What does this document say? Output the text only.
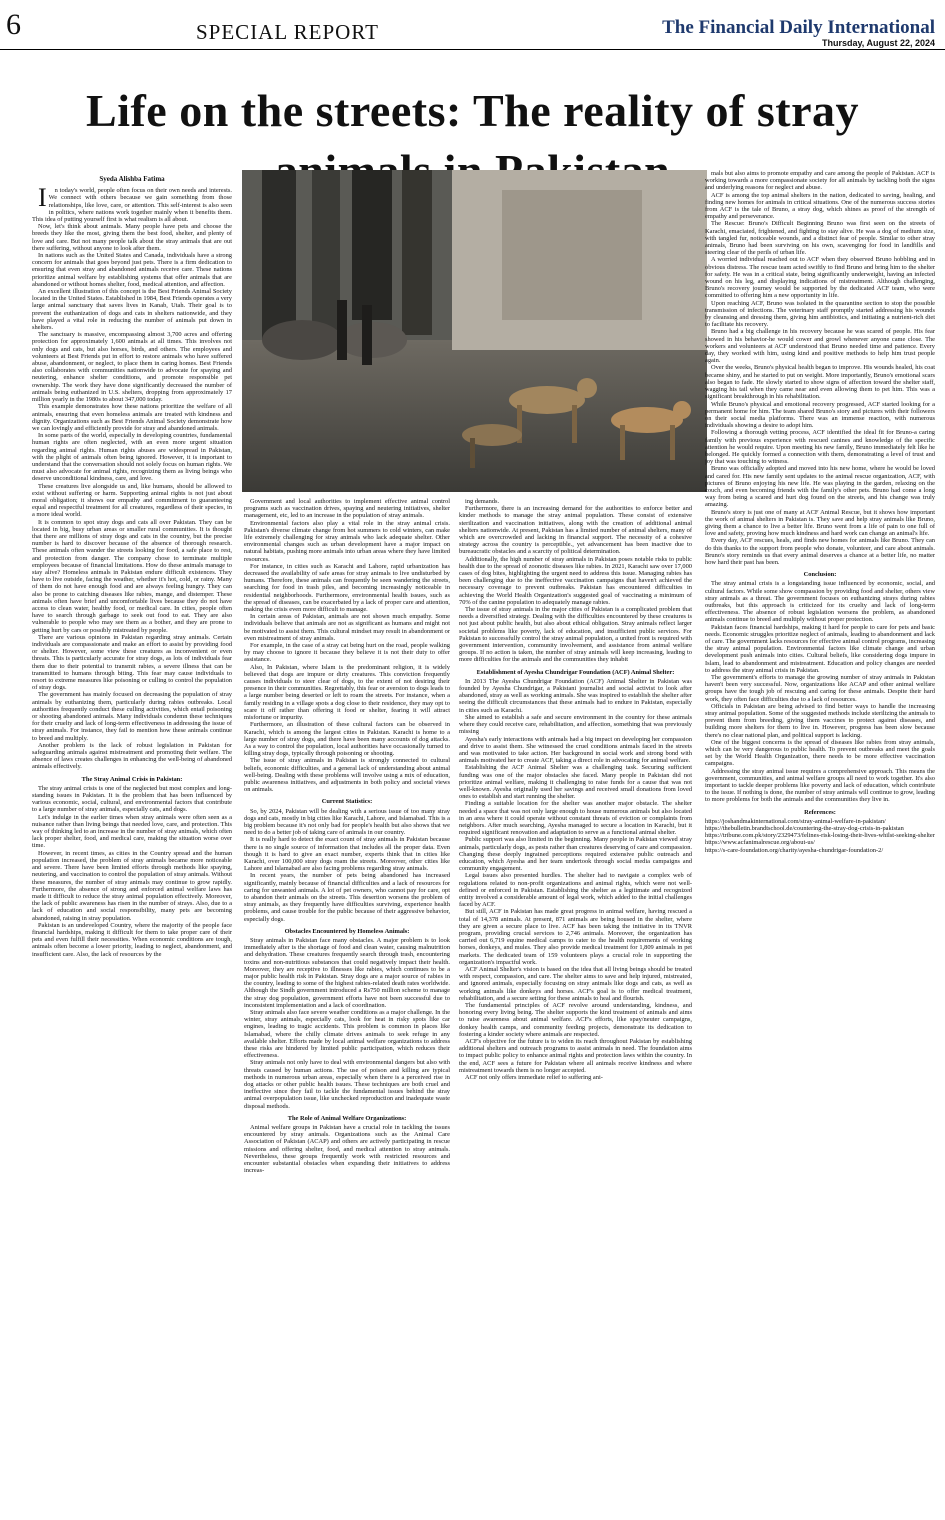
6	SPECIAL REPORT	The Financial Daily International
Thursday, August 22, 2024
Life on the streets: The reality of stray

Syeda Alishba Fatima

I n today's world, people often focus on their own needs and interests. We connect with others because we gain something from those relationships, like love, care, or attention. This self-interest is also seen in politics, where nations work together mainly when it benefits them. This idea of putting yourself first is what realism is all about.

Now, let's think about animals. Many people have pets and choose the breeds they like the most, giving them the best food, shelter, and plenty of love and care. But not many people talk about the stray animals that are out there suffering, without anyone to look after them.

In nations such as the United States and Canada, individuals have a strong concern for animals that goes beyond just pets. There is a firm dedication to ensuring that even stray and abandoned animals receive care. These nations prioritize animal welfare by establishing systems that offer animals that are abandoned or without homes shelter, food, medical attention, and affection.

An excellent illustration of this concept is the Best Friends Animal Society located in the United States. Established in 1984, Best Friends operates a very large animal sanctuary that saves lives in Kanab, Utah. Their goal is to prevent the euthanization of dogs and cats in shelters nationwide, and they have played a vital role in reducing the number of animals put down in shelters.

The sanctuary is massive, encompassing almost 3,700 acres and offering protection for approximately 1,600 animals at all times. This involves not only dogs and cats, but also horses, birds, and others. The employees and volunteers at Best Friends put in effort to restore animals who have suffered abuse, abandonment, or neglect, to place them in caring homes. Best Friends also collaborates with communities nationwide to advocate for spaying and neutering, enhance shelter conditions, and promote responsible pet ownership. The work they have done significantly decreased the number of animals being euthanized in U.S. shelters, dropping from approximately 17 million yearly in the 1980s to about 347,000 today.

This example demonstrates how these nations prioritize the welfare of all animals, ensuring that even homeless animals are treated with kindness and dignity. Organizations such as Best Friends Animal Society demonstrate how we can lovingly and efficiently provide for stray and abandoned animals.

In some parts of the world, especially in developing countries, fundamental human rights are often neglected, with an even more urgent situation regarding animal rights. Human rights abuses are widespread in Pakistan, with the plight of animals often being ignored. However, it is important to understand that the conversation should not solely focus on human rights. We must also advocate for animal rights, recognizing them as living beings who deserve unconditional kindness, care, and love.

These creatures live alongside us and, like humans, should be allowed to exist without suffering or harm. Supporting animal rights is not just about moral obligation; it shows our empathy and commitment to guaranteeing equal and respectful treatment for all creatures, regardless of their species, in a more ideal world.

It is common to spot stray dogs and cats all over Pakistan. They can be located in big, busy urban areas or smaller rural communities. It is thought that there are millions of stray dogs and cats in the country, but the precise number is hard to discover because of the absence of thorough research. These animals often wander the streets looking for food, a safe place to rest, and protection from danger. The company chose to terminate multiple employees because of financial limitations. How do these animals manage to stay alive? Homeless animals in Pakistan endure difficult existences. They have to live outside, facing the weather, whether it's hot, cold, or rainy. Many of them do not have enough food and are always feeling hungry. They can also be prone to catching diseases like rabies, mange, and distemper. These animals often have brief and uncomfortable lives because they do not have access to clean water, healthy food, or medical care. In cities, people often have to search through garbage to seek out food to eat. They are also vulnerable to people who may see them as a bother, and they are prone to getting hurt by cars or possibly mistreated by people.

There are various opinions in Pakistan regarding stray animals. Certain individuals are compassionate and make an effort to assist by providing food or shelter. However, some view these creatures as inconvenient or even threats. This is particularly accurate for stray dogs, as lots of individuals fear them due to their potential to transmit rabies, a severe illness that can be transmitted to humans through biting. This fear may cause individuals to resort to extreme measures like poisoning or culling to control the population of stray dogs.

The government has mainly focused on decreasing the population of stray animals by euthanizing them, particularly during rabies outbreaks. Local authorities frequently conduct these culling activities, which entail poisoning or shooting abandoned animals. Many individuals condemn these techniques for their cruelty and lack of long-term effectiveness in addressing the issue of stray animals. For instance, they fail to mention how these animals continue to breed and multiply.

Another problem is the lack of robust legislation in Pakistan for safeguarding animals against mistreatment and promoting their welfare. The absence of laws creates challenges in enhancing the well-being of abandoned animals effectively.

The Stray Animal Crisis in Pakistan:

The stray animal crisis is one of the neglected but most complex and long-standing issues in Pakistan. It is the problem that has been influenced by various economic, social, cultural, and environmental factors that contribute to a large number of stray animals, especially cats, and dogs.

Let's indulge in the earlier times when stray animals were often seen as a nuisance rather than living beings that needed love, care, and protection. This way of thinking led to an increase in the number of stray animals, which often lack proper shelter, food, and medical care, making the situation worse over time.

However, in recent times, as cities in the Country spread and the human population increased, the problem of stray animals became more noticeable and severe. There have been limited efforts through methods like spaying, neutering, and vaccination to control the population of stray animals. Without these measures, the number of stray animals may continue to grow rapidly. Furthermore, the absence of strong and enforced animal welfare laws has made it difficult to reduce the stray animal population effectively. Moreover, the lack of public awareness has risen in the number of strays. Also, due to a lack of education and social responsibility, many pets are becoming abandoned, raising in stray population.

Pakistan is an undeveloped Country, where the majority of the people face financial hardships, making it difficult for them to take proper care of their pets and even fulfill their necessities. When economic conditions are tough, animals often become a lower priority, leading to neglect, abandonment, and insufficient care. Also, the lack of resources by the

Government and local authorities to implement effective animal control programs such as vaccination drives, spaying and neutering initiatives, shelter management, etc, led to an increase in the population of stray animals.

Environmental factors also play a vital role in the stray animal crisis. Pakistan's diverse climate change from hot summers to cold winters, can make life extremely challenging for stray animals who lack adequate shelter. Other environmental changes such as urban development have a major impact on natural habitats, pushing more animals into urban areas where they have limited resources.

For instance, in cities such as Karachi and Lahore, rapid urbanization has decreased the availability of safe areas for stray animals to live undisturbed by humans. Therefore, these animals can frequently be seen wandering the streets, searching for food in trash piles, and becoming increasingly noticeable in residential neighborhoods. Furthermore, environmental health issues, such as the spread of diseases, can be exacerbated by a lack of proper care and attention, making the crisis even more difficult to manage.

In certain areas of Pakistan, animals are not shown much empathy. Some individuals believe that animals are not as significant as humans and might not be motivated to assist them. This cultural mindset may result in abandonment or even mistreatment of stray animals.

For example, in the case of a stray cat being hurt on the road, people walking by may choose to ignore it because they believe it is not their duty to offer assistance.

Also, In Pakistan, where Islam is the predominant religion, it is widely believed that dogs are impure or dirty creatures. This conviction frequently causes individuals to steer clear of dogs, to the extent of not desiring their presence in their communities. Regrettably, this fear or aversion to dogs leads to a large number being deserted or left to roam the streets. For instance, when a family residing in a village spots a dog close to their residence, they may opt to scare it off rather than offering it food or shelter, fearing it will attract misfortune or impurity.

Furthermore, an illustration of these cultural factors can be observed in Karachi, which is among the largest cities in Pakistan. Karachi is home to a large number of stray dogs, and there have been many accounts of dog attacks. As a way to control the population, local authorities have occasionally turned to killing stray dogs, typically through poisoning or shooting.

The issue of stray animals in Pakistan is strongly connected to cultural beliefs, economic difficulties, and a general lack of understanding about animal well-being. Dealing with these problems will involve using a mix of education, public awareness initiatives, and adjustments in both policy and societal views on animals.

Current Statistics:

So, by 2024, Pakistan will be dealing with a serious issue of too many stray dogs and cats, mostly in big cities like Karachi, Lahore, and Islamabad. This is a big problem because it's not only bad for people's health but also shows that we need to do a better job of taking care of animals in our country.

It is really hard to detect the exact count of stray animals in Pakistan because there is no single source of information that includes all the proper data. Even though it is hard to give an exact number, experts think that in cities like Karachi, over 100,000 stray dogs roam the streets. Moreover, other cities like Lahore and Islamabad are also facing problems regarding stray animals.

In recent years, the number of pets being abandoned has increased significantly, mainly because of financial difficulties and a lack of resources for caring for unwanted animals. A lot of pet owners, who cannot pay for care, opt to abandon their animals on the streets. This desertion worsens the problem of stray animals, as they frequently have difficulties surviving, experience health problems, and cause trouble for the public because of their aggressive behavior, especially dogs.

Obstacles Encountered by Homeless Animals:

Stray animals in Pakistan face many obstacles. A major problem is to look immediately after is the shortage of food and clean water, causing malnutrition and dehydration. These creatures frequently search through trash, encountering toxins and non-nutritious substances that could negatively impact their health. Moreover, they are receptive to illnesses like rabies, which continues to be a major public health risk in Pakistan. Stray dogs are a major source of rabies in the country, leading to some of the highest rabies-related death rates worldwide. Although the Sindh government introduced a Rs750 million scheme to manage the stray dog population, government efforts have not been successful due to inconsistent implementation and a lack of coordination.

Stray animals also face severe weather conditions as a major challenge. In the winter, stray animals, especially cats, look for heat in risky spots like car engines, leading to tragic accidents. This problem is common in places like Islamabad, where the chilly climate drives animals to seek refuge in any available shelter. Efforts made by local animal welfare organizations to address these risks are hindered by limited public participation, which reduces their effectiveness.

Stray animals not only have to deal with environmental dangers but also with threats caused by human actions. The use of poison and killing are typical methods in numerous urban areas, especially when there is a perceived rise in dog attacks or other public health issues. These techniques are both cruel and ineffective since they fail to tackle the fundamental issues behind the stray animal overpopulation issue, like unchecked reproduction and inadequate waste disposal methods.

The Role of Animal Welfare Organizations:

Animal welfare groups in Pakistan have a crucial role in tackling the issues encountered by stray animals. Organizations such as the Animal Care Association of Pakistan (ACAP) and others are actively participating in rescue missions and offering shelter, food, and medical attention to stray animals. Nevertheless, these groups frequently work with restricted resources and encounter substantial obstacles when expanding their initiatives to address increas-

ing demands.

Furthermore, there is an increasing demand for the authorities to enforce better and kinder methods to manage the stray animal population. These consist of extensive sterilization and vaccination initiatives, along with the creation of additional animal shelters nationwide. At present, Pakistan has a limited number of animal shelters, many of which are overcrowded and lacking in financial support. The necessity of a cohesive strategy across the country is perceptible., yet advancement has been inactive due to bureaucratic obstacles and a scarcity of political determination.

Additionally, the high number of stray animals in Pakistan poses notable risks to public health due to the spread of zoonotic diseases like rabies. In 2021, Karachi saw over 17,000 cases of dog bites, highlighting the urgent need to address this issue. Managing rabies has been challenging due to the ineffective vaccination campaigns that haven't achieved the necessary coverage to prevent outbreaks. Pakistan has encountered difficulties in achieving the World Health Organization's suggested goal of vaccinating a minimum of 70% of the canine population to adequately manage rabies.

The issue of stray animals in the major cities of Pakistan is a complicated problem that needs a diversified strategy. Dealing with the difficulties encountered by these creatures is not just about public health, but also about ethical obligation. Stray animals reflect larger societal problems like poverty, lack of education, and insufficient public services. For Pakistan to successfully control the stray animal population, a united front is required with government intervention, community involvement, and assistance from animal welfare groups. If no action is taken, the number of stray animals will keep increasing, leading to more difficulties for the animals and the communities they inhabit

Establishment of Ayesha Chundrigar Foundation (ACF) Animal Shelter:

In 2013 The Ayesha Chundrigar Foundation (ACF) Animal Shelter in Pakistan was founded by Ayesha Chundrigar, a Pakistani journalist and social activist to look after abandoned, stray as well as working animals. She was inspired to establish the shelter after seeing the difficult circumstances that these animals had to endure in Pakistan, especially in cities such as Karachi.

She aimed to establish a safe and secure environment in the country for these animals where they could receive care, rehabilitation, and affection, something that was previously missing

Ayesha's early interactions with animals had a big impact on developing her compassion and drive to assist them. She witnessed the cruel conditions animals faced in the streets and was motivated to take action. Her background in social work and strong bond with animals motivated her to create ACF, taking a direct role in advocating for animal welfare.

Establishing the ACF Animal Shelter was a challenging task. Securing sufficient funding was one of the major obstacles she faced. Many people in Pakistan did not prioritize animal welfare, making it challenging to raise funds for a cause that was not well-known. Ayesha originally used her savings and received small donations from loved ones to establish and start running the shelter.

Finding a suitable location for the shelter was another major obstacle. The shelter needed a space that was not only large enough to house numerous animals but also located in an area where it could operate without constant threats of eviction or complaints from neighbors. After much searching, Ayesha managed to secure a location in Karachi, but it required significant renovation and adaptation to serve as a functional animal shelter.

Public support was also limited in the beginning. Many people in Pakistan viewed stray animals, particularly dogs, as pests rather than creatures deserving of care and compassion. Changing these deeply ingrained perceptions required extensive public outreach and education, which Ayesha and her team undertook through social media campaigns and community engagement.

Legal issues also presented hurdles. The shelter had to navigate a complex web of regulations related to non-profit organizations and animal rights, which were not well-defined or enforced in Pakistan. Establishing the shelter as a legitimate and recognized entity involved a considerable amount of legal work, which added to the initial challenges faced by ACF.

But still, ACF in Pakistan has made great progress in animal welfare, having rescued a total of 14,378 animals. At present, 871 animals are being housed in the shelter, where they are given a secure place to live. ACF has been taking the initiative in its TNVR program, providing crucial services to 2,746 animals. Moreover, the organization has carried out 6,719 equine medical camps to cater to the health requirements of working horses, donkeys, and mules. They also provide medical treatment for 1,809 animals in pet markets. The dedicated team of 159 volunteers plays a crucial role in supporting the organization's impactful work.

ACF Animal Shelter's vision is based on the idea that all living beings should be treated with respect, compassion, and care. The shelter aims to save and help injured, mistreated, and ignored animals, especially focusing on stray animals like dogs and cats, as well as working animals like donkeys and horses. ACF's goal is to offer medical treatment, rehabilitation, and a secure setting for these animals to heal and flourish.

The fundamental principles of ACF revolve around understanding, kindness, and honoring every living being. The shelter supports the kind treatment of animals and aims to raise awareness about animal welfare. ACF's efforts, like spay/neuter campaigns, donkey health camps, and community feeding projects, demonstrate its dedication to fostering a kinder society where animals are respected.

ACF's objective for the future is to widen its reach throughout Pakistan by establishing additional shelters and outreach programs to assist animals in need. The foundation aims to impact public policy to enhance animal rights and protection laws within the country. In the end, ACF sees a future for Pakistan where all animals receive kindness and where mistreatment towards them is no longer accepted.

ACF not only offers immediate relief to suffering ani-

mals but also aims to promote empathy and care among the people of Pakistan. ACF is working towards a more compassionate society for all animals by tackling both the signs and underlying reasons for neglect and abuse.

ACF is among the top animal shelters in the nation, dedicated to saving, healing, and finding new homes for animals in critical situations. One of the numerous success stories from ACF is the tale of Bruno, a stray dog, which shines as proof of the strength of empathy and perseverance.

The Rescue: Bruno's Difficult Beginning Bruno was first seen on the streets of Karachi, emaciated, frightened, and fighting to stay alive. He was a dog of medium size, with tangled fur, noticeable wounds, and a distinct fear of people. Similar to other stray animals, Bruno had been surviving on his own, scavenging for food in landfills and steering clear of the perils of urban life.

A worried individual reached out to ACF when they observed Bruno hobbling and in obvious distress. The rescue team acted swiftly to find Bruno and bring him to the shelter for safety. He was in a critical state, being significantly underweight, having an infected wound on his leg, and displaying indications of mistreatment. Although challenging, Bruno's recovery journey would be supported by the dedicated ACF team, who were committed to offering him a new opportunity in life.

Upon reaching ACF, Bruno was isolated in the quarantine section to stop the possible transmission of infections. The veterinary staff promptly started addressing his wounds by cleansing and dressing them, giving him antibiotics, and initiating a nutrient-rich diet to facilitate his recovery.

Bruno had a big challenge in his recovery because he was scared of people. His fear showed in his behavior-he would cower and growl whenever anyone came close. The workers and volunteers at ACF understood that Bruno needed time and patience. Every day, they worked with him, using kind and positive methods to help him trust people again.

Over the weeks, Bruno's physical health began to improve. His wounds healed, his coat became shiny, and he started to put on weight. More importantly, Bruno's emotional scars also began to fade. He slowly started to show signs of affection toward the shelter staff, wagging his tail when they came near and even allowing them to pet him. This was a significant breakthrough in his rehabilitation.

While Bruno's physical and emotional recovery progressed, ACF started looking for a permanent home for him. The team shared Bruno's story and pictures with their followers on their social media platforms. There was an immense reaction, with numerous individuals showing a desire to adopt him.

Following a thorough vetting process, ACF identified the ideal fit for Bruno-a caring family with previous experience with rescued canines and knowledge of the specific attention he would require. Upon meeting his new family, Bruno immediately felt like he belonged. He quickly formed a connection with them, demonstrating a level of trust and joy that was touching to witness.

Bruno was officially adopted and moved into his new home, where he would be loved and cared for. His new family sent updates to the animal rescue organization, ACF, with pictures of Bruno enjoying his new life. He was playing in the garden, relaxing on the couch, and even becoming friends with the family's other pets. Bruno had come a long way from being a scared and hurt dog found on the streets, and his change was truly amazing.

Bruno's story is just one of many at ACF Animal Rescue, but it shows how important the work of animal shelters in Pakistan is. They save and help stray animals like Bruno, giving them a chance to live a better life. Bruno went from a life of pain to one full of love and safety, proving how much kindness and hard work can change an animal's life.

Every day, ACF rescues, heals, and finds new homes for animals like Bruno. They can do this thanks to the support from people who donate, volunteer, and care about animals. Bruno's story reminds us that every animal deserves a chance at a better life, no matter how hard their past has been.

Conclusion:

The stray animal crisis is a longstanding issue influenced by economic, social, and cultural factors. While some show compassion by providing food and shelter, others view stray animals as a threat. The government focuses on euthanizing strays during rabies outbreaks, but this approach is criticized for its cruelty and lack of long-term effectiveness. The absence of robust legislation worsens the problem, as abandoned animals continue to breed and multiply without proper protection.

Pakistan faces financial hardships, making it hard for people to care for pets and basic needs. Economic struggles prioritize neglect of animals, leading to abandonment and lack of care. The government lacks resources for effective animal control programs, increasing the stray animal population. Environmental factors like climate change and urban development push animals into cities. Cultural beliefs, like considering dogs impure in Islam, lead to abandonment and mistreatment. Education and policy changes are needed to address the stray animal crisis in Pakistan.

The government's efforts to manage the growing number of stray animals in Pakistan haven't been very successful. Now, organizations like ACAP and other animal welfare groups have the tough job of rescuing and caring for these animals. Despite their hard work, they often face difficulties due to a lack of resources.

Officials in Pakistan are being advised to find better ways to handle the increasing stray animal population. Some of the suggested methods include sterilizing the animals to prevent them from breeding, giving them vaccines to protect against diseases, and building more shelters for them to live in. However, progress has been slow because there's no clear national plan, and political support is lacking.

One of the biggest concerns is the spread of diseases like rabies from stray animals, which can be very dangerous to public health. To prevent outbreaks and meet the goals set by the World Health Organization, there needs to be more effective vaccination campaigns.

Addressing the stray animal issue requires a comprehensive approach. This means the government, communities, and animal welfare groups all need to work together. It's also important to tackle deeper problems like poverty and lack of education, which contribute to the issue. If nothing is done, the number of stray animals will continue to grow, leading to more problems for both the animals and the communities they live in.

References:

https://joshandmakinternational.com/stray-animal-welfare-in-pakistan/

https://thebulletin.brandtschool.de/countering-the-stray-dog-crisis-in-pakistan

https://tribune.com.pk/story/2329473/felines-risk-losing-their-lives-whilst-seeking-shelter

https://www.acfanimalrescue.org/about-us/

https://s-care-foundation.org/charity/ayesha-chundrigar-foundation-2/
